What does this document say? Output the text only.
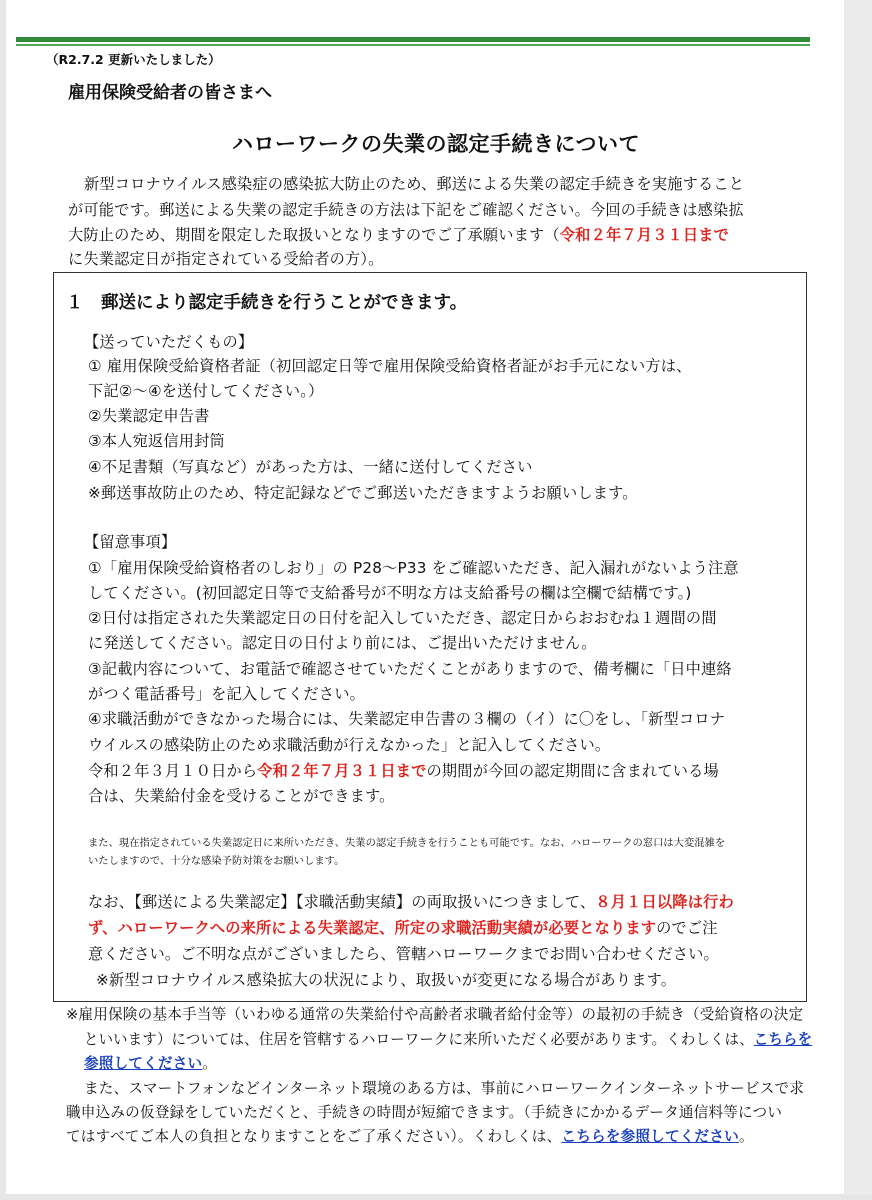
（R2.7.2 更新いたしました）
雇用保険受給者の皆さまへ
ハローワークの失業の認定手続きについて
新型コロナウイルス感染症の感染拡大防止のため、郵送による失業の認定手続きを実施すること
が可能です。郵送による失業の認定手続きの方法は下記をご確認ください。今回の手続きは感染拡
大防止のため、期間を限定した取扱いとなりますのでご了承願います（令和２年７月３１日まで
に失業認定日が指定されている受給者の方）。
１　郵送により認定手続きを行うことができます。
【送っていただくもの】
① 雇用保険受給資格者証（初回認定日等で雇用保険受給資格者証がお手元にない方は、
下記②～④を送付してください。）
②失業認定申告書
③本人宛返信用封筒
④不足書類（写真など）があった方は、一緒に送付してください
※郵送事故防止のため、特定記録などでご郵送いただきますようお願いします。
【留意事項】
①「雇用保険受給資格者のしおり」の P28～P33 をご確認いただき、記入漏れがないよう注意
してください。(初回認定日等で支給番号が不明な方は支給番号の欄は空欄で結構です。)
②日付は指定された失業認定日の日付を記入していただき、認定日からおおむね１週間の間
に発送してください。認定日の日付より前には、ご提出いただけません。
③記載内容について、お電話で確認させていただくことがありますので、備考欄に「日中連絡
がつく電話番号」を記入してください。
④求職活動ができなかった場合には、失業認定申告書の３欄の（イ）に〇をし、「新型コロナ
ウイルスの感染防止のため求職活動が行えなかった」と記入してください。
令和２年３月１０日から令和２年７月３１日までの期間が今回の認定期間に含まれている場
合は、失業給付金を受けることができます。
また、現在指定されている失業認定日に来所いただき、失業の認定手続きを行うことも可能です。なお、ハローワークの窓口は大変混雑を
いたしますので、十分な感染予防対策をお願いします。
なお、【郵送による失業認定】【求職活動実績】の両取扱いにつきまして、８月１日以降は行わ
ず、ハローワークへの来所による失業認定、所定の求職活動実績が必要となりますのでご注
意ください。ご不明な点がございましたら、管轄ハローワークまでお問い合わせください。
※新型コロナウイルス感染拡大の状況により、取扱いが変更になる場合があります。
※雇用保険の基本手当等（いわゆる通常の失業給付や高齢者求職者給付金等）の最初の手続き（受給資格の決定
といいます）については、住居を管轄するハローワークに来所いただく必要があります。くわしくは、こちらを
参照してください。
また、スマートフォンなどインターネット環境のある方は、事前にハローワークインターネットサービスで求
職申込みの仮登録をしていただくと、手続きの時間が短縮できます。（手続きにかかるデータ通信料等につい
てはすべてご本人の負担となりますことをご了承ください）。くわしくは、こちらを参照してください。
